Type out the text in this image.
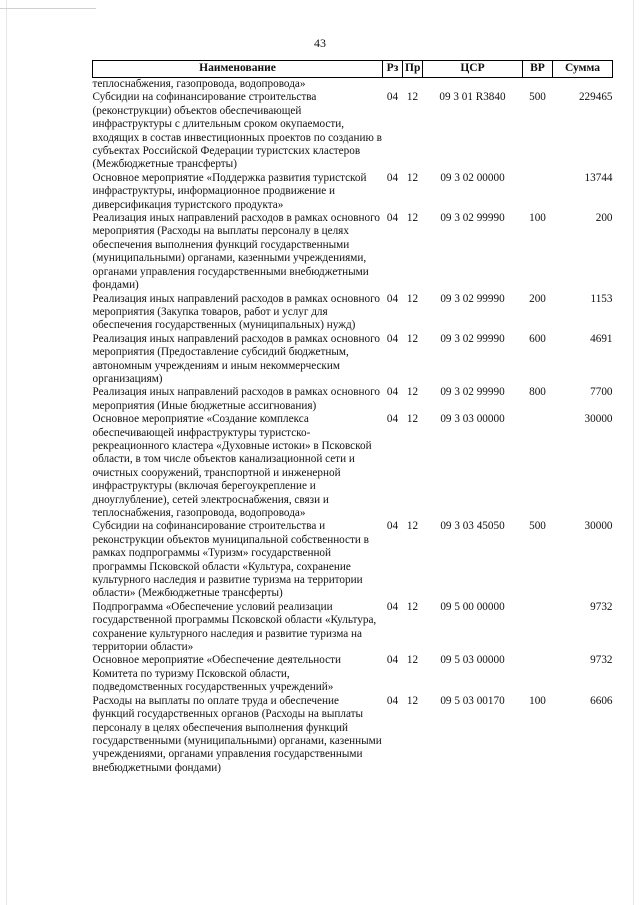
43
Наименование	Рз	Пр	ЦСР	ВР	Сумма
теплоснабжения, газопровода, водопровода»					
Субсидии на софинансирование строительства (реконструкции) объектов обеспечивающей инфраструктуры с длительным сроком окупаемости, входящих в состав инвестиционных проектов по созданию в субъектах Российской Федерации туристских кластеров (Межбюджетные трансферты)	04	12	09 3 01 R3840	500	229465
Основное мероприятие «Поддержка развития туристской инфраструктуры, информационное продвижение и диверсификация туристского продукта»	04	12	09 3 02 00000		13744
Реализация иных направлений расходов в рамках основного мероприятия (Расходы на выплаты персоналу в целях обеспечения выполнения функций государственными (муниципальными) органами, казенными учреждениями, органами управления государственными внебюджетными фондами)	04	12	09 3 02 99990	100	200
Реализация иных направлений расходов в рамках основного мероприятия (Закупка товаров, работ и услуг для обеспечения государственных (муниципальных) нужд)	04	12	09 3 02 99990	200	1153
Реализация иных направлений расходов в рамках основного мероприятия (Предоставление субсидий бюджетным, автономным учреждениям и иным некоммерческим организациям)	04	12	09 3 02 99990	600	4691
Реализация иных направлений расходов в рамках основного мероприятия (Иные бюджетные ассигнования)	04	12	09 3 02 99990	800	7700
Основное мероприятие «Создание комплекса обеспечивающей инфраструктуры туристско-рекреационного кластера «Духовные истоки» в Псковской области, в том числе объектов канализационной сети и очистных сооружений, транспортной и инженерной инфраструктуры (включая берегоукрепление и дноуглубление), сетей электроснабжения, связи и теплоснабжения, газопровода, водопровода»	04	12	09 3 03 00000		30000
Субсидии на софинансирование строительства и реконструкции объектов муниципальной собственности в рамках подпрограммы «Туризм» государственной программы Псковской области «Культура, сохранение культурного наследия и развитие туризма на территории области» (Межбюджетные трансферты)	04	12	09 3 03 45050	500	30000
Подпрограмма «Обеспечение условий реализации государственной программы Псковской области «Культура, сохранение культурного наследия и развитие туризма на территории области»	04	12	09 5 00 00000		9732
Основное мероприятие «Обеспечение деятельности Комитета по туризму Псковской области, подведомственных государственных учреждений»	04	12	09 5 03 00000		9732
Расходы на выплаты по оплате труда и обеспечение функций государственных органов (Расходы на выплаты персоналу в целях обеспечения выполнения функций государственными (муниципальными) органами, казенными учреждениями, органами управления государственными внебюджетными фондами)	04	12	09 5 03 00170	100	6606
